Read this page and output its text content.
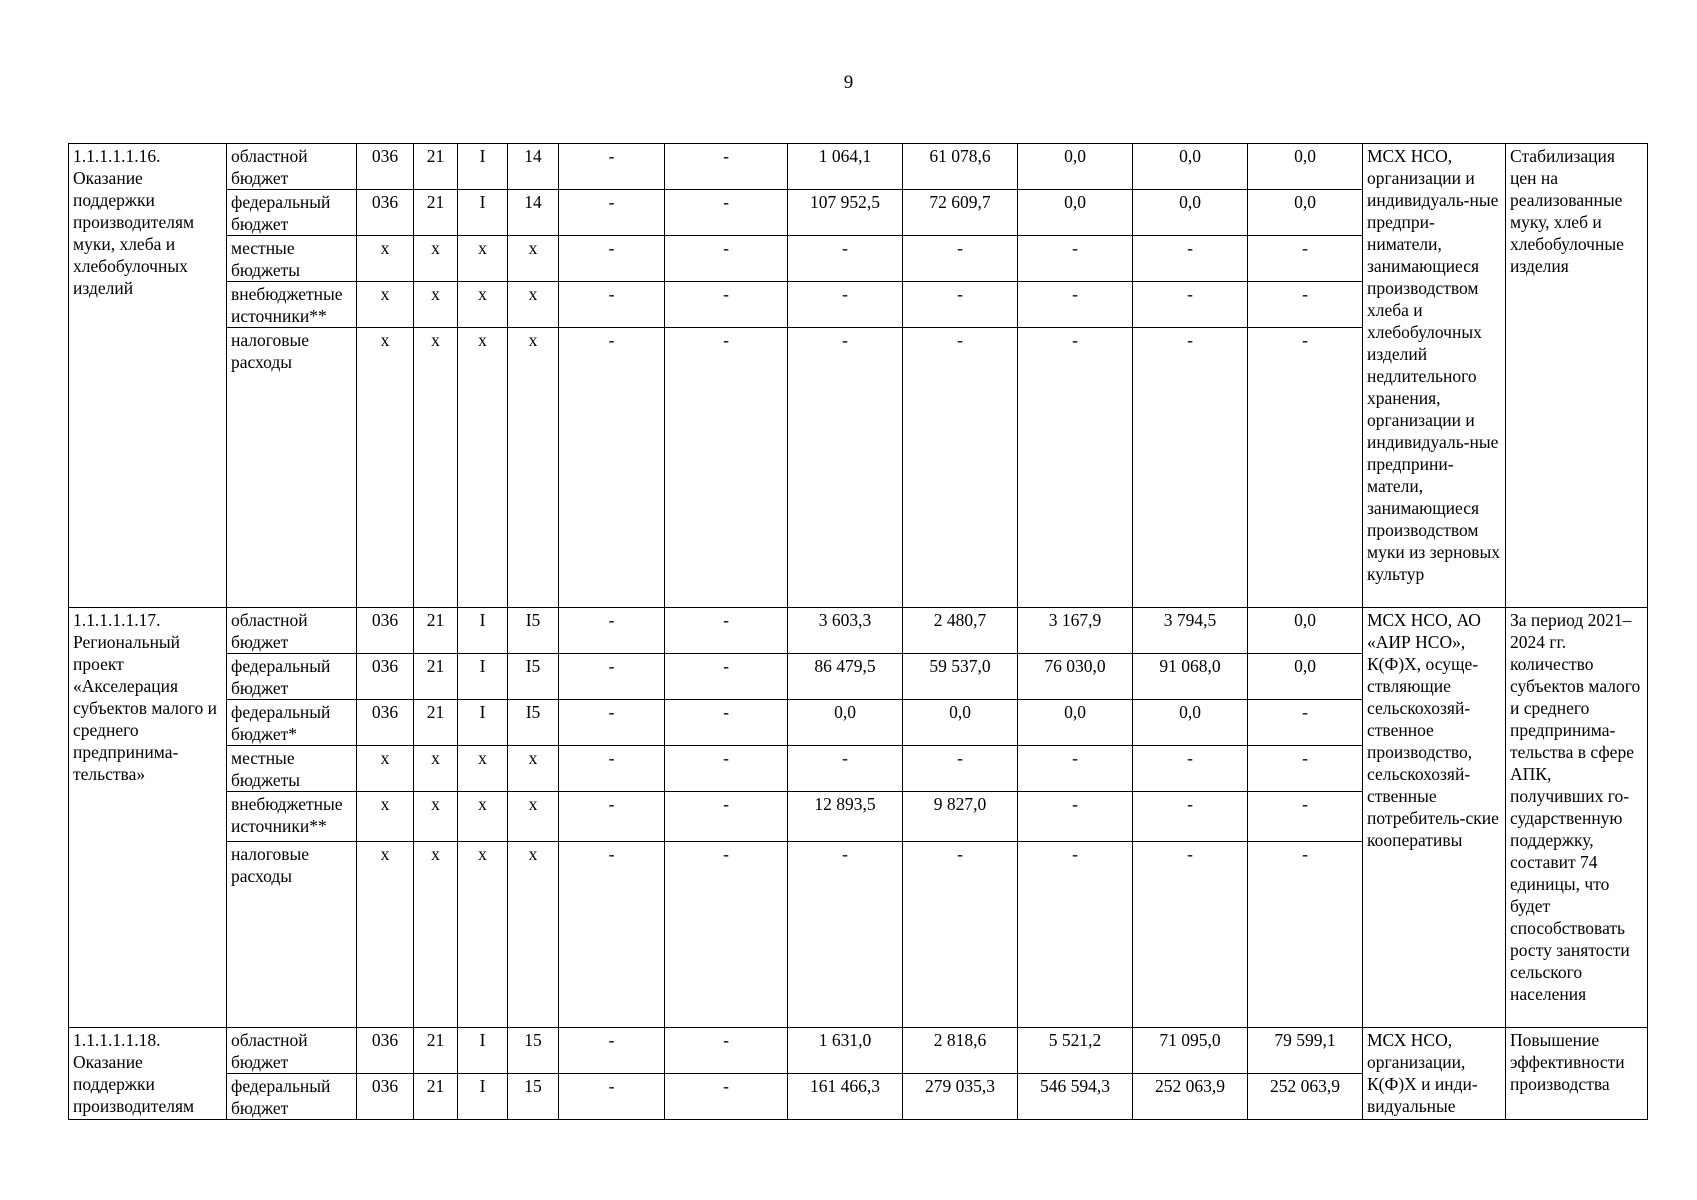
9
1.1.1.1.1.16. Оказание поддержки производителям муки, хлеба и хлебобулочных изделий	областной бюджет	036	21	I	14	-	-	1 064,1	61 078,6	0,0	0,0	0,0	МСХ НСО, организации и индивидуаль-ные предпри-ниматели, занимающиеся производством хлеба и хлебобулочных изделий недлительного хранения, организации и индивидуаль-ные предприни-матели, занимающиеся производством муки из зерновых культур	Стабилизация цен на реализованные муку, хлеб и хлебобулочные изделия
	федеральный бюджет	036	21	I	14	-	-	107 952,5	72 609,7	0,0	0,0	0,0		
	местные бюджеты	х	х	х	х	-	-	-	-	-	-	-		
	внебюджетные источники**	х	х	х	х	-	-	-	-	-	-	-		
	налоговые расходы	х	х	х	х	-	-	-	-	-	-	-		
1.1.1.1.1.17. Региональный проект «Акселерация субъектов малого и среднего предпринима-тельства»	областной бюджет	036	21	I	I5	-	-	3 603,3	2 480,7	3 167,9	3 794,5	0,0	МСХ НСО, АО «АИР НСО», К(Ф)Х, осуще-ствляющие сельскохозяй-ственное производство, сельскохозяй-ственные потребитель-ские кооперативы	За период 2021–2024 гг. количество субъектов малого и среднего предпринима-тельства в сфере АПК, получивших го-сударственную поддержку, составит 74 единицы, что будет способствовать росту занятости сельского населения
	федеральный бюджет	036	21	I	I5	-	-	86 479,5	59 537,0	76 030,0	91 068,0	0,0		
	федеральный бюджет*	036	21	I	I5	-	-	0,0	0,0	0,0	0,0	-		
	местные бюджеты	х	х	х	х	-	-	-	-	-	-	-		
	внебюджетные источники**	х	х	х	х	-	-	12 893,5	9 827,0	-	-	-		
	налоговые расходы	х	х	х	х	-	-	-	-	-	-	-		
1.1.1.1.1.18. Оказание поддержки производителям	областной бюджет	036	21	I	15	-	-	1 631,0	2 818,6	5 521,2	71 095,0	79 599,1	МСХ НСО, организации, К(Ф)Х и инди-видуальные	Повышение эффективности производства
	федеральный бюджет	036	21	I	15	-	-	161 466,3	279 035,3	546 594,3	252 063,9	252 063,9		
